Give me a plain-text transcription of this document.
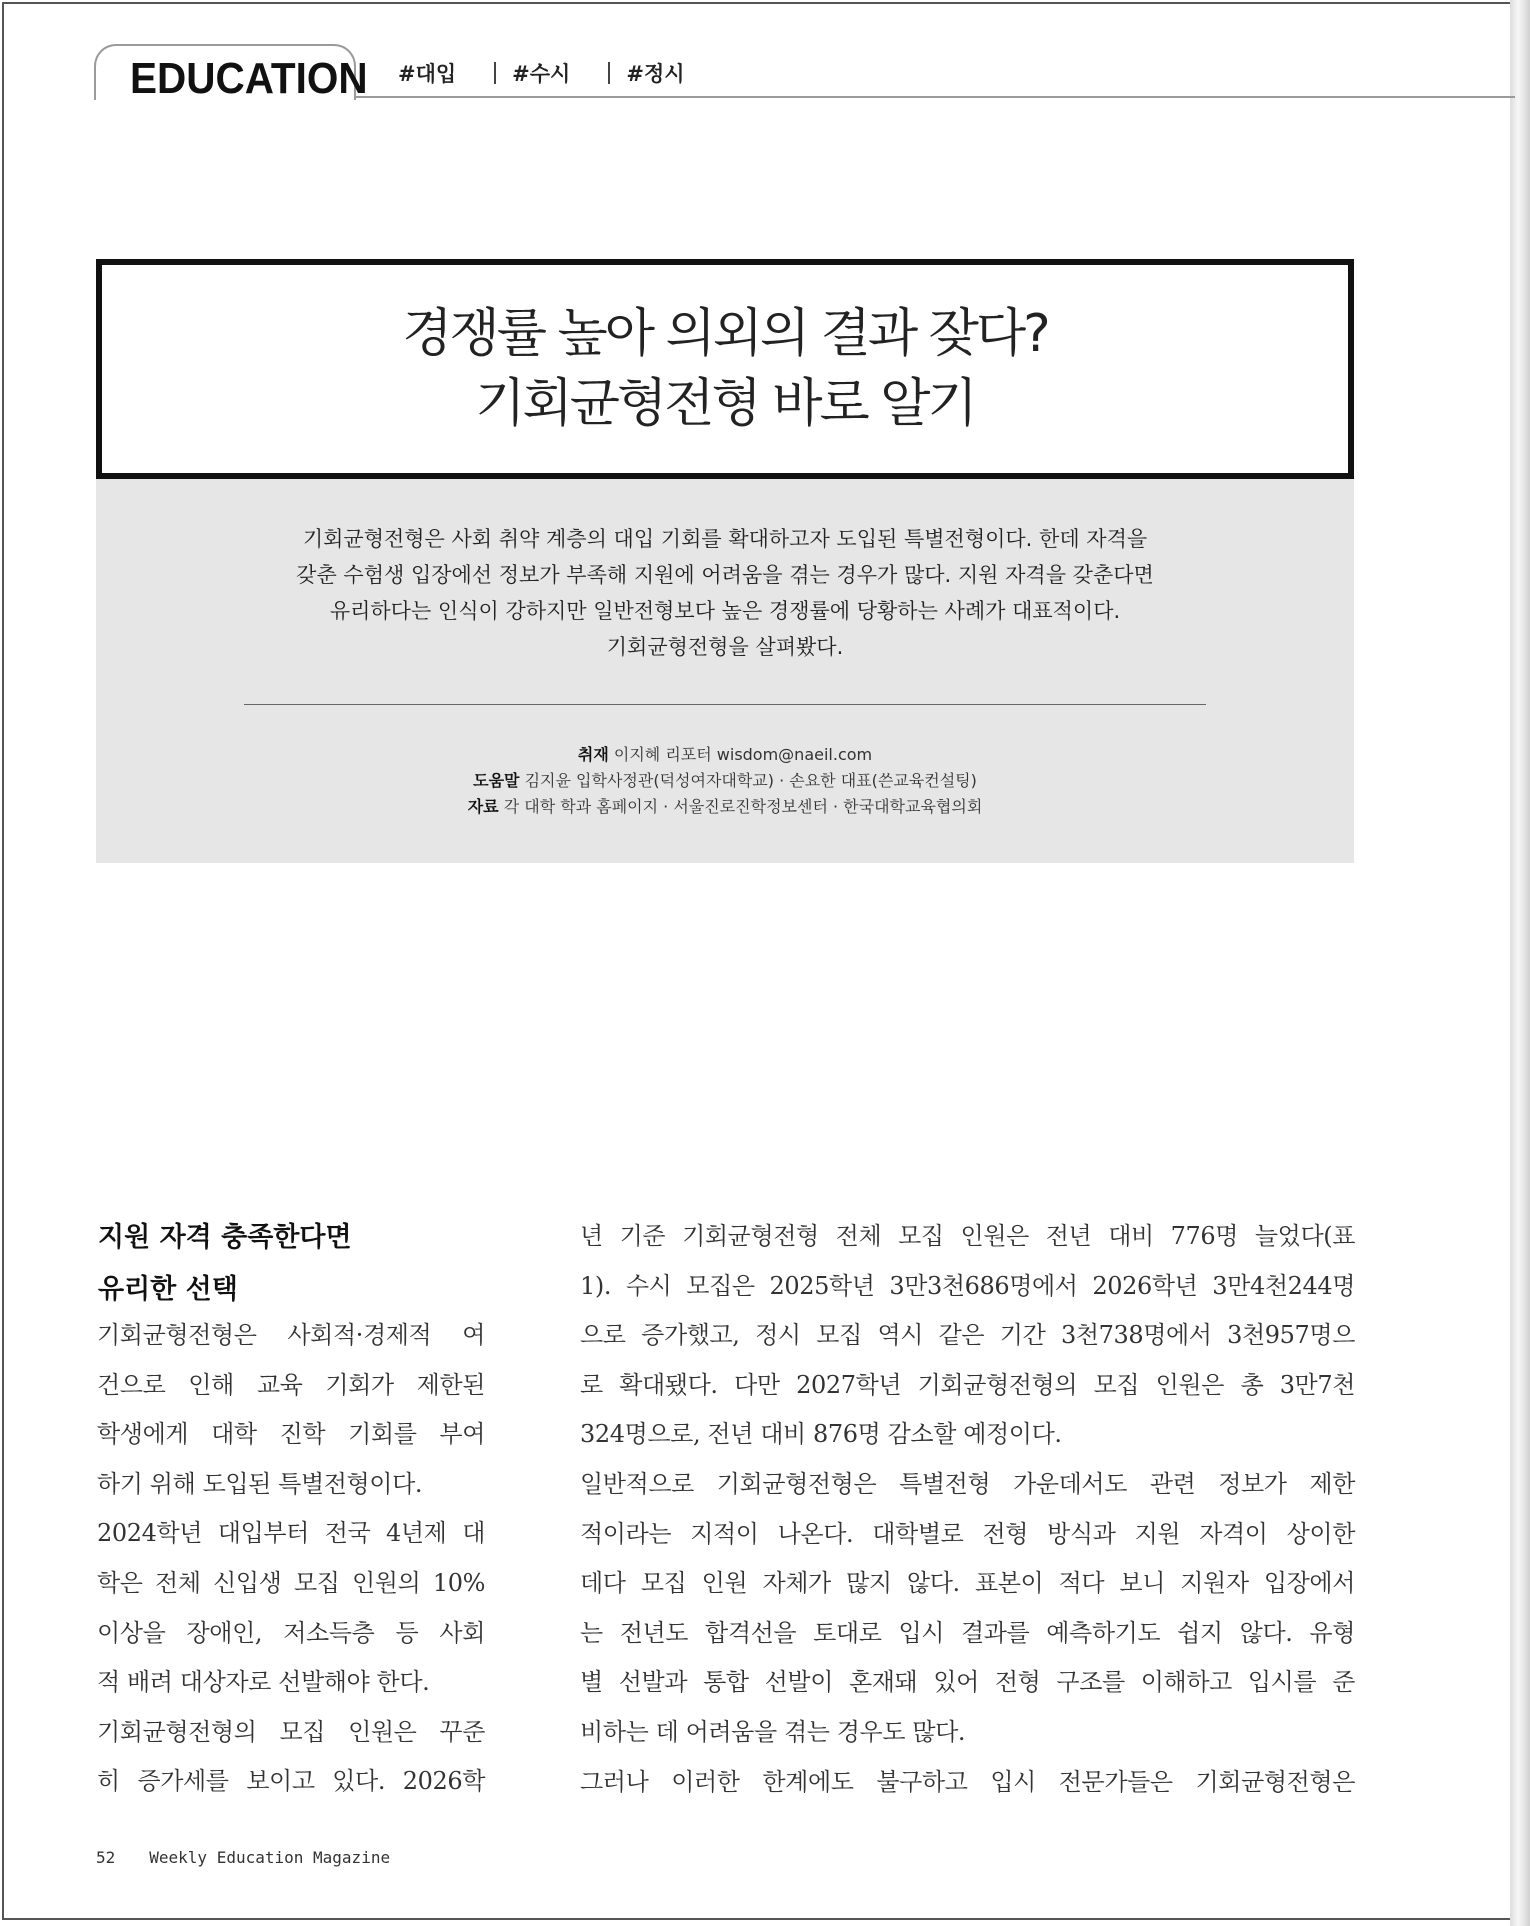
EDUCATION #대입	#수시	#정시
경쟁률 높아 의외의 결과 잦다?
기회균형전형 바로 알기
기회균형전형은 사회 취약 계층의 대입 기회를 확대하고자 도입된 특별전형이다. 한데 자격을
갖춘 수험생 입장에선 정보가 부족해 지원에 어려움을 겪는 경우가 많다. 지원 자격을 갖춘다면
유리하다는 인식이 강하지만 일반전형보다 높은 경쟁률에 당황하는 사례가 대표적이다.
기회균형전형을 살펴봤다.
취재 이지혜 리포터 wisdom@naeil.com
도움말 김지윤 입학사정관(덕성여자대학교) · 손요한 대표(쓴교육컨설팅)
자료 각 대학 학과 홈페이지 · 서울진로진학정보센터 · 한국대학교육협의회
지원 자격 충족한다면
유리한 선택
기회균형전형은 사회적·경제적 여
건으로 인해 교육 기회가 제한된
학생에게 대학 진학 기회를 부여
하기 위해 도입된 특별전형이다.
2024학년 대입부터 전국 4년제 대
학은 전체 신입생 모집 인원의 10%
이상을 장애인, 저소득층 등 사회
적 배려 대상자로 선발해야 한다.
기회균형전형의 모집 인원은 꾸준
히 증가세를 보이고 있다. 2026학
년 기준 기회균형전형 전체 모집 인원은 전년 대비 776명 늘었다(표
1). 수시 모집은 2025학년 3만3천686명에서 2026학년 3만4천244명
으로 증가했고, 정시 모집 역시 같은 기간 3천738명에서 3천957명으
로 확대됐다. 다만 2027학년 기회균형전형의 모집 인원은 총 3만7천
324명으로, 전년 대비 876명 감소할 예정이다.
일반적으로 기회균형전형은 특별전형 가운데서도 관련 정보가 제한
적이라는 지적이 나온다. 대학별로 전형 방식과 지원 자격이 상이한
데다 모집 인원 자체가 많지 않다. 표본이 적다 보니 지원자 입장에서
는 전년도 합격선을 토대로 입시 결과를 예측하기도 쉽지 않다. 유형
별 선발과 통합 선발이 혼재돼 있어 전형 구조를 이해하고 입시를 준
비하는 데 어려움을 겪는 경우도 많다.
그러나 이러한 한계에도 불구하고 입시 전문가들은 기회균형전형은
52 Weekly Education Magazine
